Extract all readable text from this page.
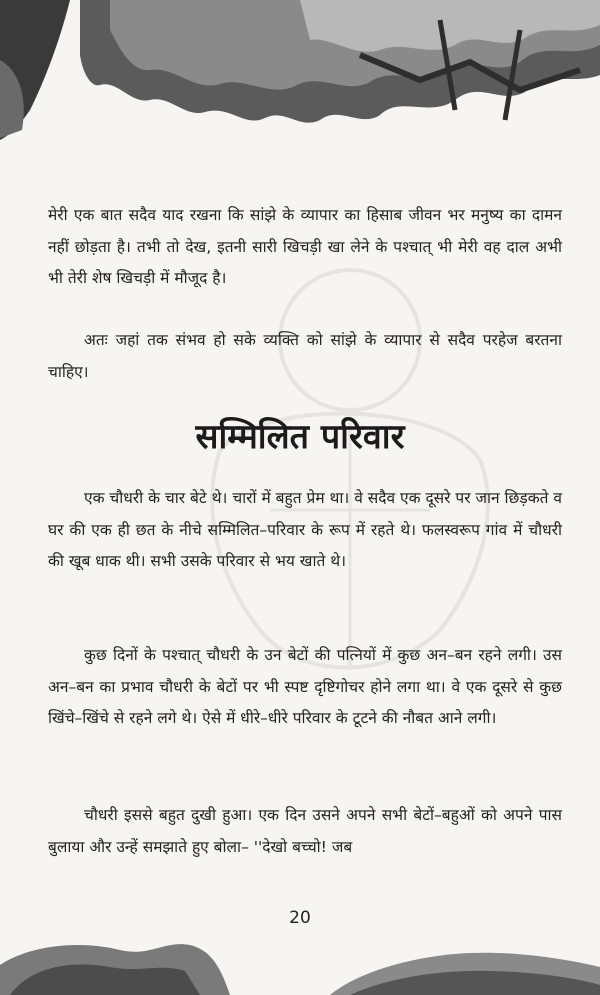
मेरी एक बात सदैव याद रखना कि सांझे के व्यापार का हिसाब जीवन भर मनुष्य का दामन नहीं छोड़ता है। तभी तो देख, इतनी सारी खिचड़ी खा लेने के पश्चात् भी मेरी वह दाल अभी भी तेरी शेष खिचड़ी में मौजूद है।

अतः जहां तक संभव हो सके व्यक्ति को सांझे के व्यापार से सदैव परहेज बरतना चाहिए।

सम्मिलित परिवार

एक चौधरी के चार बेटे थे। चारों में बहुत प्रेम था। वे सदैव एक दूसरे पर जान छिड़कते व घर की एक ही छत के नीचे सम्मिलित–परिवार के रूप में रहते थे। फलस्वरूप गांव में चौधरी की खूब धाक थी। सभी उसके परिवार से भय खाते थे।

कुछ दिनों के पश्चात् चौधरी के उन बेटों की पत्नियों में कुछ अन–बन रहने लगी। उस अन–बन का प्रभाव चौधरी के बेटों पर भी स्पष्ट दृष्टिगोचर होने लगा था। वे एक दूसरे से कुछ खिंचे–खिंचे से रहने लगे थे। ऐसे में धीरे–धीरे परिवार के टूटने की नौबत आने लगी।

चौधरी इससे बहुत दुखी हुआ। एक दिन उसने अपने सभी बेटों–बहुओं को अपने पास बुलाया और उन्हें समझाते हुए बोला– ''देखो बच्चो! जब

20
